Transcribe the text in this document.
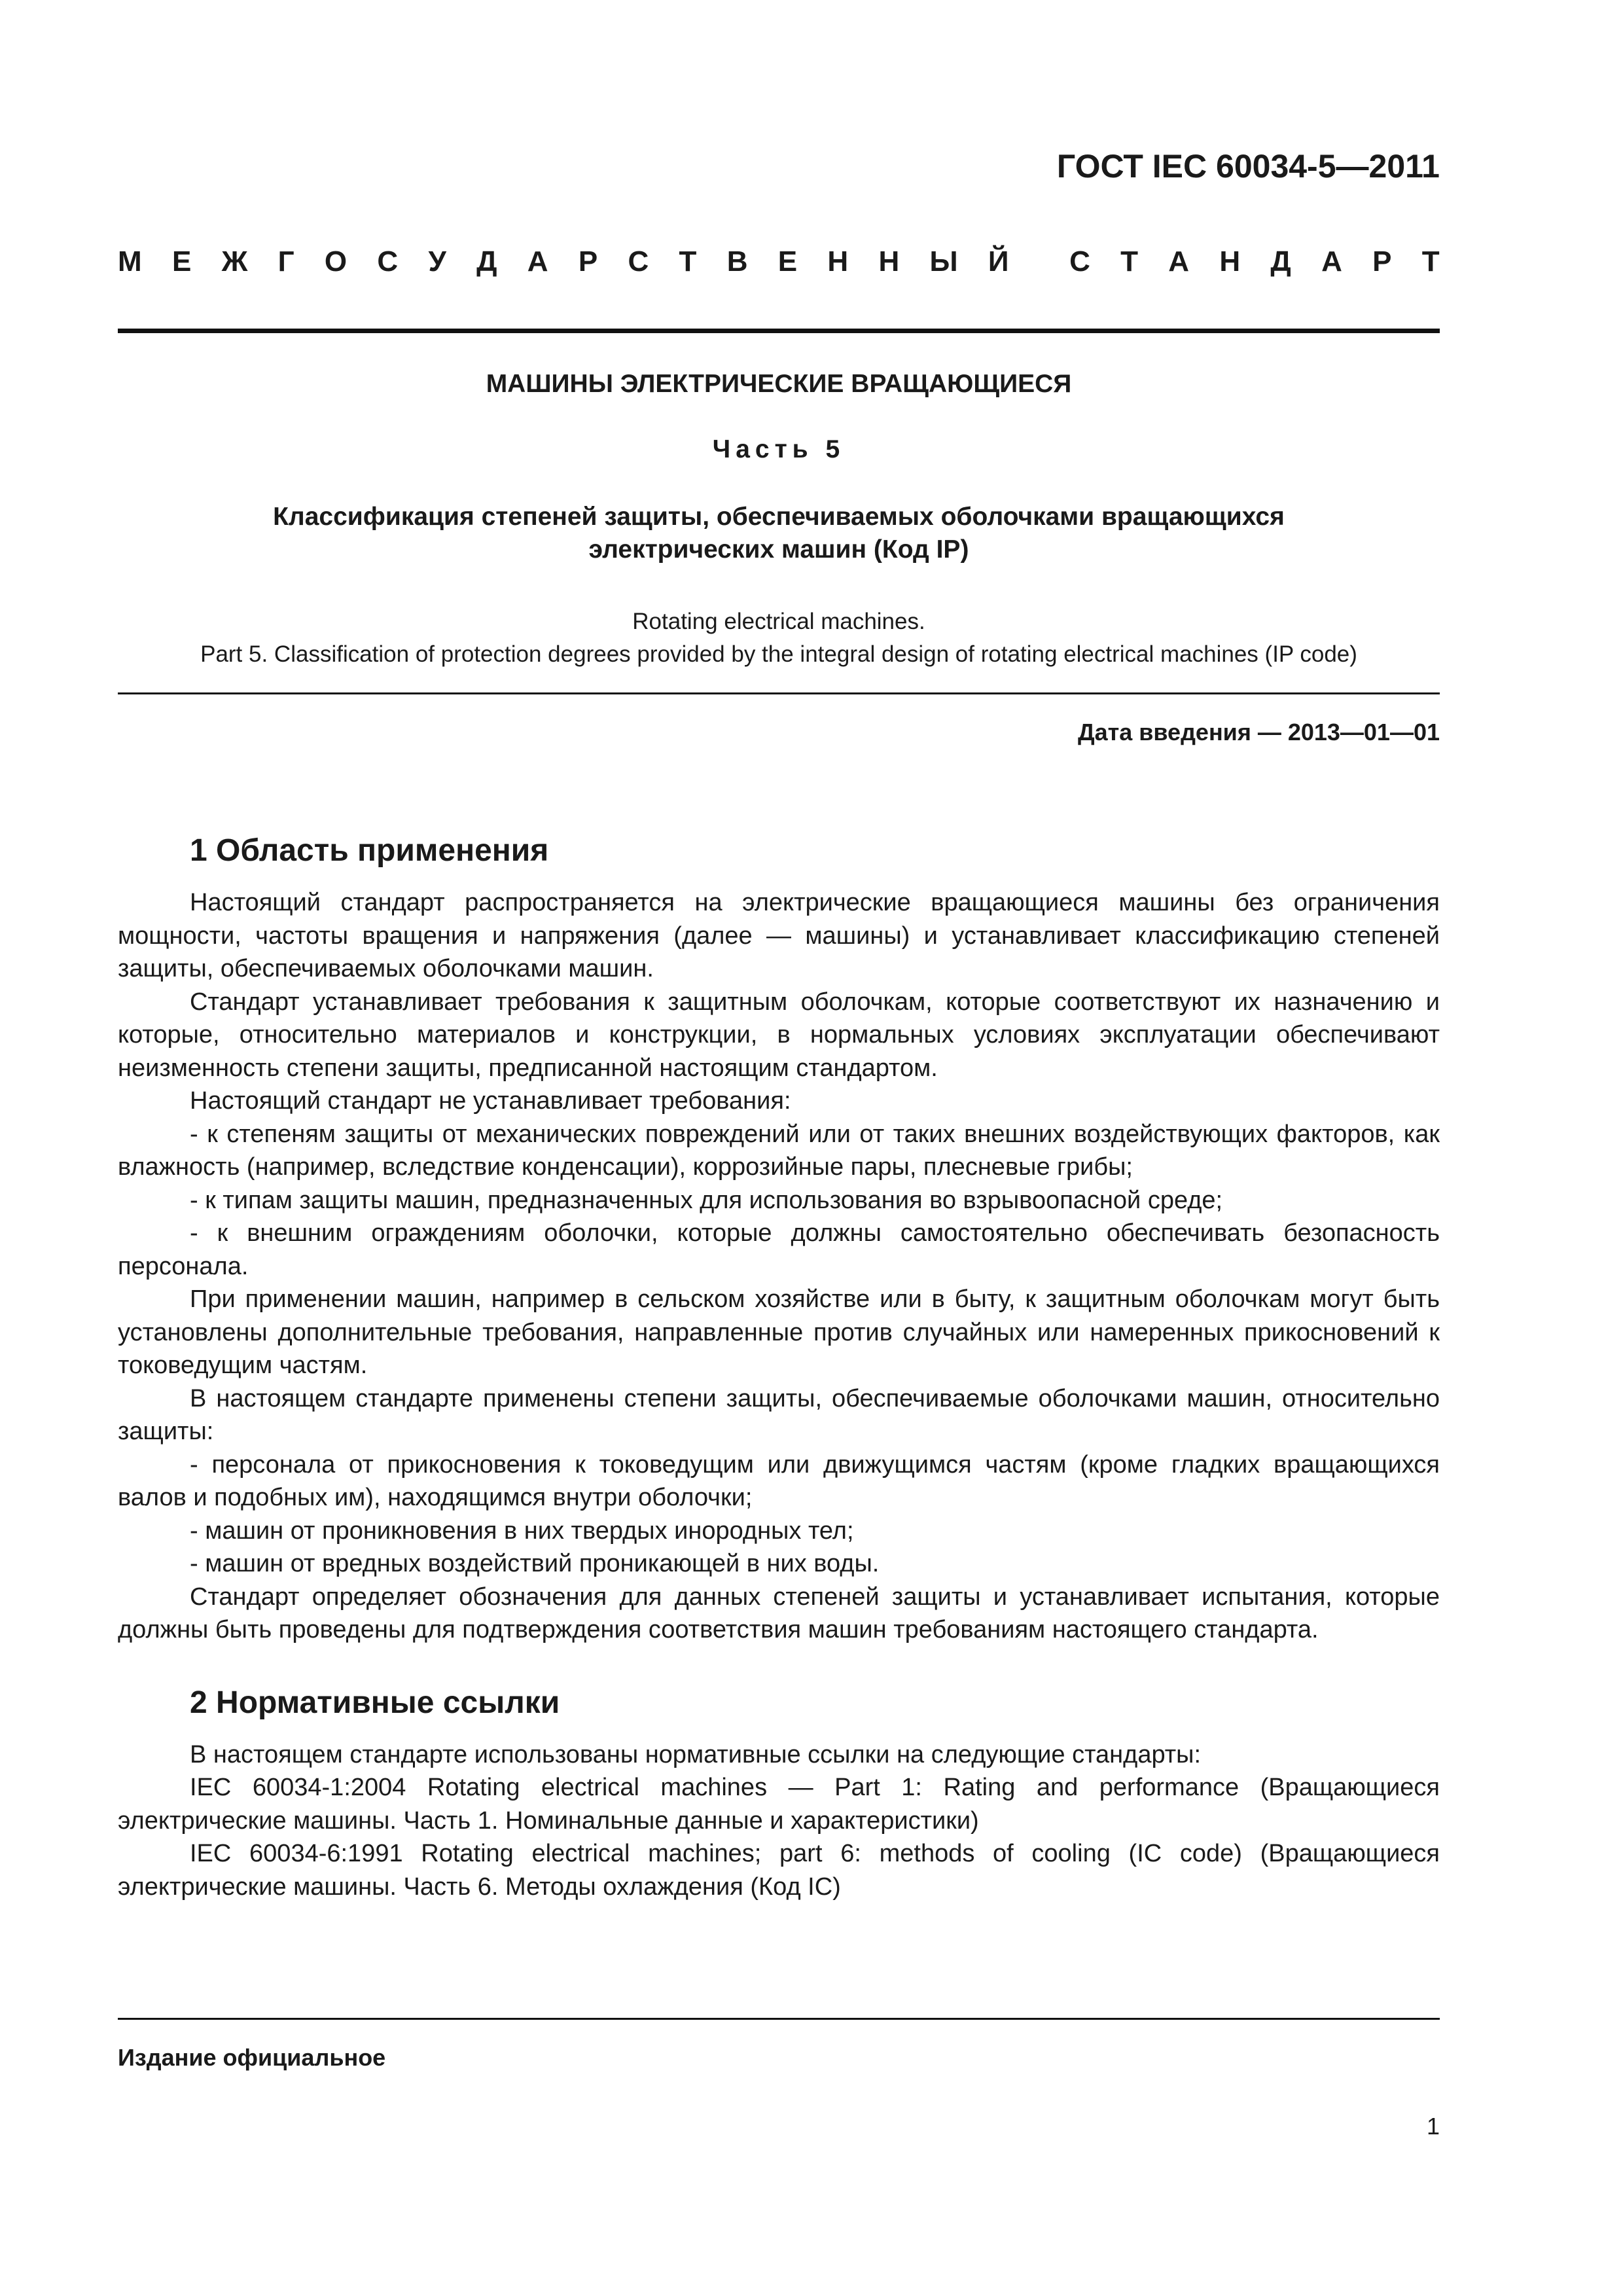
ГОСТ IEC 60034-5—2011
М Е Ж Г О С У Д А Р С Т В Е Н Н Ы Й С Т А Н Д А Р Т
МАШИНЫ ЭЛЕКТРИЧЕСКИЕ ВРАЩАЮЩИЕСЯ
Часть 5
Классификация степеней защиты, обеспечиваемых оболочками вращающихся
электрических машин (Код IP)
Rotating electrical machines.
Part 5. Classification of protection degrees provided by the integral design of rotating electrical machines (IP code)
Дата введения — 2013—01—01
1 Область применения

Настоящий стандарт распространяется на электрические вращающиеся машины без ограничения мощности, частоты вращения и напряжения (далее — машины) и устанавливает классификацию степеней защиты, обеспечиваемых оболочками машин.

Стандарт устанавливает требования к защитным оболочкам, которые соответствуют их назначению и которые, относительно материалов и конструкции, в нормальных условиях эксплуатации обеспечивают неизменность степени защиты, предписанной настоящим стандартом.

Настоящий стандарт не устанавливает требования:

- к степеням защиты от механических повреждений или от таких внешних воздействующих факторов, как влажность (например, вследствие конденсации), коррозийные пары, плесневые грибы;

- к типам защиты машин, предназначенных для использования во взрывоопасной среде;

- к внешним ограждениям оболочки, которые должны самостоятельно обеспечивать безопасность персонала.

При применении машин, например в сельском хозяйстве или в быту, к защитным оболочкам могут быть установлены дополнительные требования, направленные против случайных или намеренных прикосновений к токоведущим частям.

В настоящем стандарте применены степени защиты, обеспечиваемые оболочками машин, относительно защиты:

- персонала от прикосновения к токоведущим или движущимся частям (кроме гладких вращающихся валов и подобных им), находящимся внутри оболочки;

- машин от проникновения в них твердых инородных тел;

- машин от вредных воздействий проникающей в них воды.

Стандарт определяет обозначения для данных степеней защиты и устанавливает испытания, которые должны быть проведены для подтверждения соответствия машин требованиям настоящего стандарта.

2 Нормативные ссылки

В настоящем стандарте использованы нормативные ссылки на следующие стандарты:

IEC 60034-1:2004 Rotating electrical machines — Part 1: Rating and performance (Вращающиеся электрические машины. Часть 1. Номинальные данные и характеристики)

IEC 60034-6:1991 Rotating electrical machines; part 6: methods of cooling (IC code) (Вращающиеся электрические машины. Часть 6. Методы охлаждения (Код IC)

Издание официальное
1
